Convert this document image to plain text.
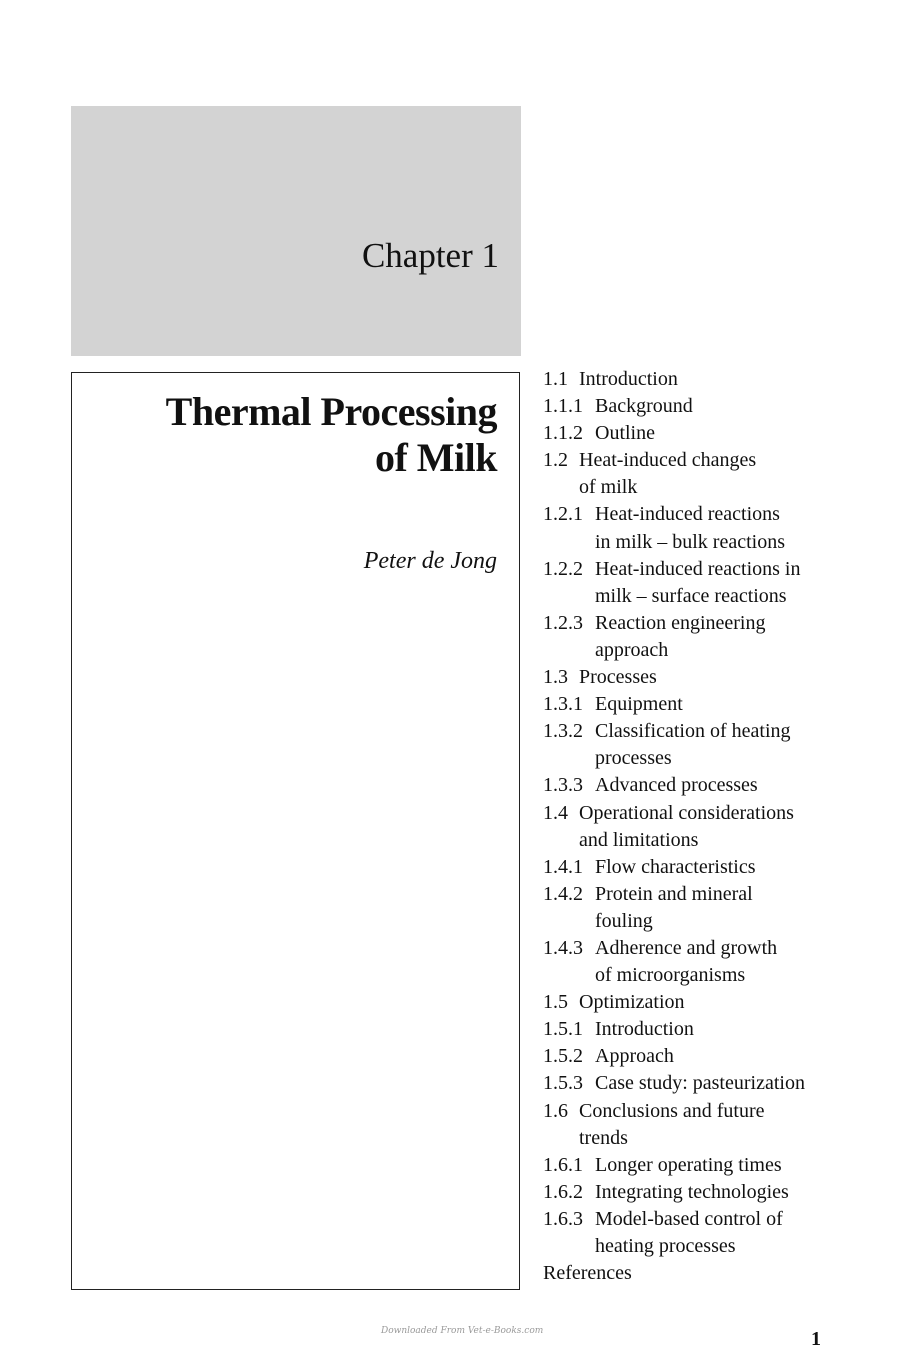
Chapter 1
Thermal Processing
of Milk
Peter de Jong
1.1 Introduction
1.1.1 Background
1.1.2 Outline
1.2 Heat-induced changes
of milk
1.2.1 Heat-induced reactions
in milk – bulk reactions
1.2.2 Heat-induced reactions in
milk – surface reactions
1.2.3 Reaction engineering
approach
1.3 Processes
1.3.1 Equipment
1.3.2 Classification of heating
processes
1.3.3 Advanced processes
1.4 Operational considerations
and limitations
1.4.1 Flow characteristics
1.4.2 Protein and mineral
fouling
1.4.3 Adherence and growth
of microorganisms
1.5 Optimization
1.5.1 Introduction
1.5.2 Approach
1.5.3 Case study: pasteurization
1.6 Conclusions and future
trends
1.6.1 Longer operating times
1.6.2 Integrating technologies
1.6.3 Model-based control of
heating processes
References
Downloaded From Vet-e-Books.com	1
